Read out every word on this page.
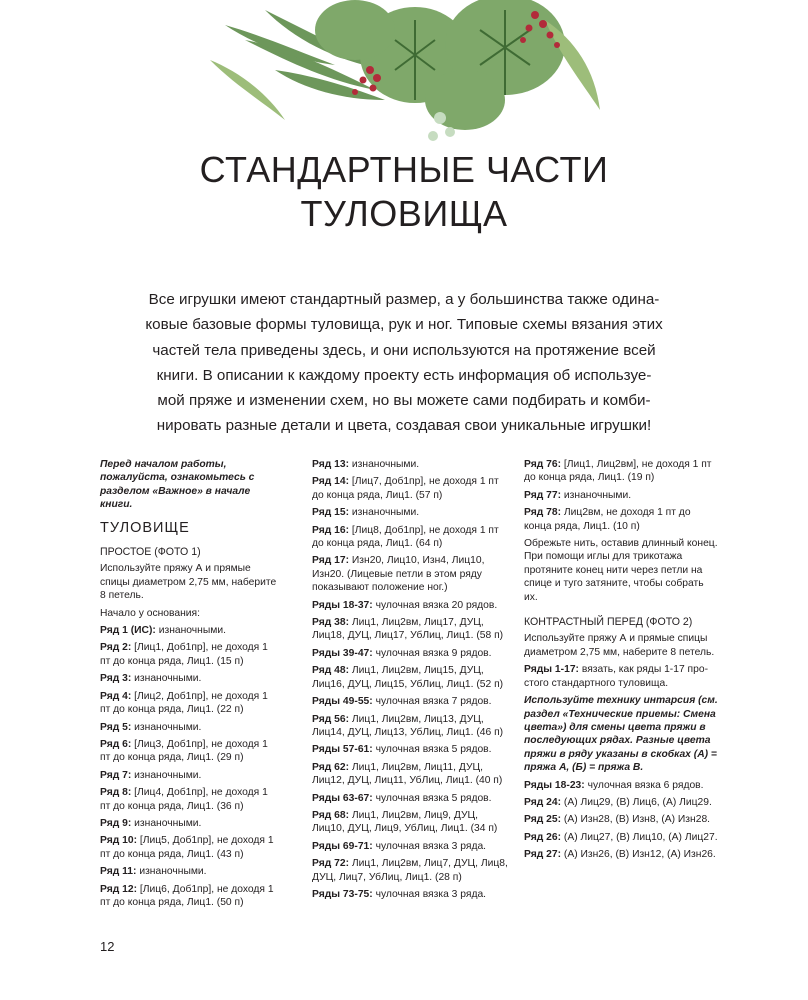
СТАНДАРТНЫЕ ЧАСТИ
ТУЛОВИЩА

Все игрушки имеют стандартный размер, а у большинства также одина-
ковые базовые формы туловища, рук и ног. Типовые схемы вязания этих
частей тела приведены здесь, и они используются на протяжение всей
книги. В описании к каждому проекту есть информация об используе-
мой пряже и изменении схем, но вы можете сами подбирать и комби-
нировать разные детали и цвета, создавая свои уникальные игрушки!

Перед началом работы, пожалуйста, ознакомьтесь с разделом «Важное» в начале книги.
ТУЛОВИЩЕ
ПРОСТОЕ (ФОТО 1)

Используйте пряжу А и прямые спицы диаметром 2,75 мм, наберите 8 петель.

Начало у основания:

Ряд 1 (ИС): изнаночными.
Ряд 2: [Лиц1, Доб1пр], не доходя 1 пт до конца ряда, Лиц1. (15 п)
Ряд 3: изнаночными.
Ряд 4: [Лиц2, Доб1пр], не доходя 1 пт до конца ряда, Лиц1. (22 п)
Ряд 5: изнаночными.
Ряд 6: [Лиц3, Доб1пр], не доходя 1 пт до конца ряда, Лиц1. (29 п)
Ряд 7: изнаночными.
Ряд 8: [Лиц4, Доб1пр], не доходя 1 пт до конца ряда, Лиц1. (36 п)
Ряд 9: изнаночными.
Ряд 10: [Лиц5, Доб1пр], не доходя 1 пт до конца ряда, Лиц1. (43 п)
Ряд 11: изнаночными.
Ряд 12: [Лиц6, Доб1пр], не доходя 1 пт до конца ряда, Лиц1. (50 п)
Ряд 13: изнаночными.
Ряд 14: [Лиц7, Доб1пр], не доходя 1 пт до конца ряда, Лиц1. (57 п)
Ряд 15: изнаночными.
Ряд 16: [Лиц8, Доб1пр], не доходя 1 пт до конца ряда, Лиц1. (64 п)
Ряд 17: Изн20, Лиц10, Изн4, Лиц10, Изн20. (Лицевые петли в этом ряду показывают положение ног.)
Ряды 18-37: чулочная вязка 20 рядов.
Ряд 38: Лиц1, Лиц2вм, Лиц17, ДУЦ, Лиц18, ДУЦ, Лиц17, УбЛиц, Лиц1. (58 п)
Ряды 39-47: чулочная вязка 9 рядов.
Ряд 48: Лиц1, Лиц2вм, Лиц15, ДУЦ, Лиц16, ДУЦ, Лиц15, УбЛиц, Лиц1. (52 п)
Ряды 49-55: чулочная вязка 7 рядов.
Ряд 56: Лиц1, Лиц2вм, Лиц13, ДУЦ, Лиц14, ДУЦ, Лиц13, УбЛиц, Лиц1. (46 п)
Ряды 57-61: чулочная вязка 5 рядов.
Ряд 62: Лиц1, Лиц2вм, Лиц11, ДУЦ, Лиц12, ДУЦ, Лиц11, УбЛиц, Лиц1. (40 п)
Ряды 63-67: чулочная вязка 5 рядов.
Ряд 68: Лиц1, Лиц2вм, Лиц9, ДУЦ, Лиц10, ДУЦ, Лиц9, УбЛиц, Лиц1. (34 п)
Ряды 69-71: чулочная вязка 3 ряда.
Ряд 72: Лиц1, Лиц2вм, Лиц7, ДУЦ, Лиц8, ДУЦ, Лиц7, УбЛиц, Лиц1. (28 п)
Ряды 73-75: чулочная вязка 3 ряда.
Ряд 76: [Лиц1, Лиц2вм], не доходя 1 пт до конца ряда, Лиц1. (19 п)
Ряд 77: изнаночными.
Ряд 78: Лиц2вм, не доходя 1 пт до конца ряда, Лиц1. (10 п)

Обрежьте нить, оставив длинный конец. При помощи иглы для трикотажа протяните конец нити через петли на спице и туго затяните, чтобы собрать их.

КОНТРАСТНЫЙ ПЕРЕД (ФОТО 2)

Используйте пряжу А и прямые спицы диаметром 2,75 мм, наберите 8 петель.

Ряды 1-17: вязать, как ряды 1-17 про- стого стандартного туловища.
Используйте технику интарсия (см. раздел «Технические приемы: Смена цвета») для смены цвета пряжи в последующих рядах. Разные цвета пряжи в ряду указаны в скобках (А) = пряжа А, (Б) = пряжа В.
Ряды 18-23: чулочная вязка 6 рядов.
Ряд 24: (А) Лиц29, (В) Лиц6, (А) Лиц29.
Ряд 25: (А) Изн28, (В) Изн8, (А) Изн28.
Ряд 26: (А) Лиц27, (В) Лиц10, (А) Лиц27.
Ряд 27: (А) Изн26, (В) Изн12, (А) Изн26.
12
